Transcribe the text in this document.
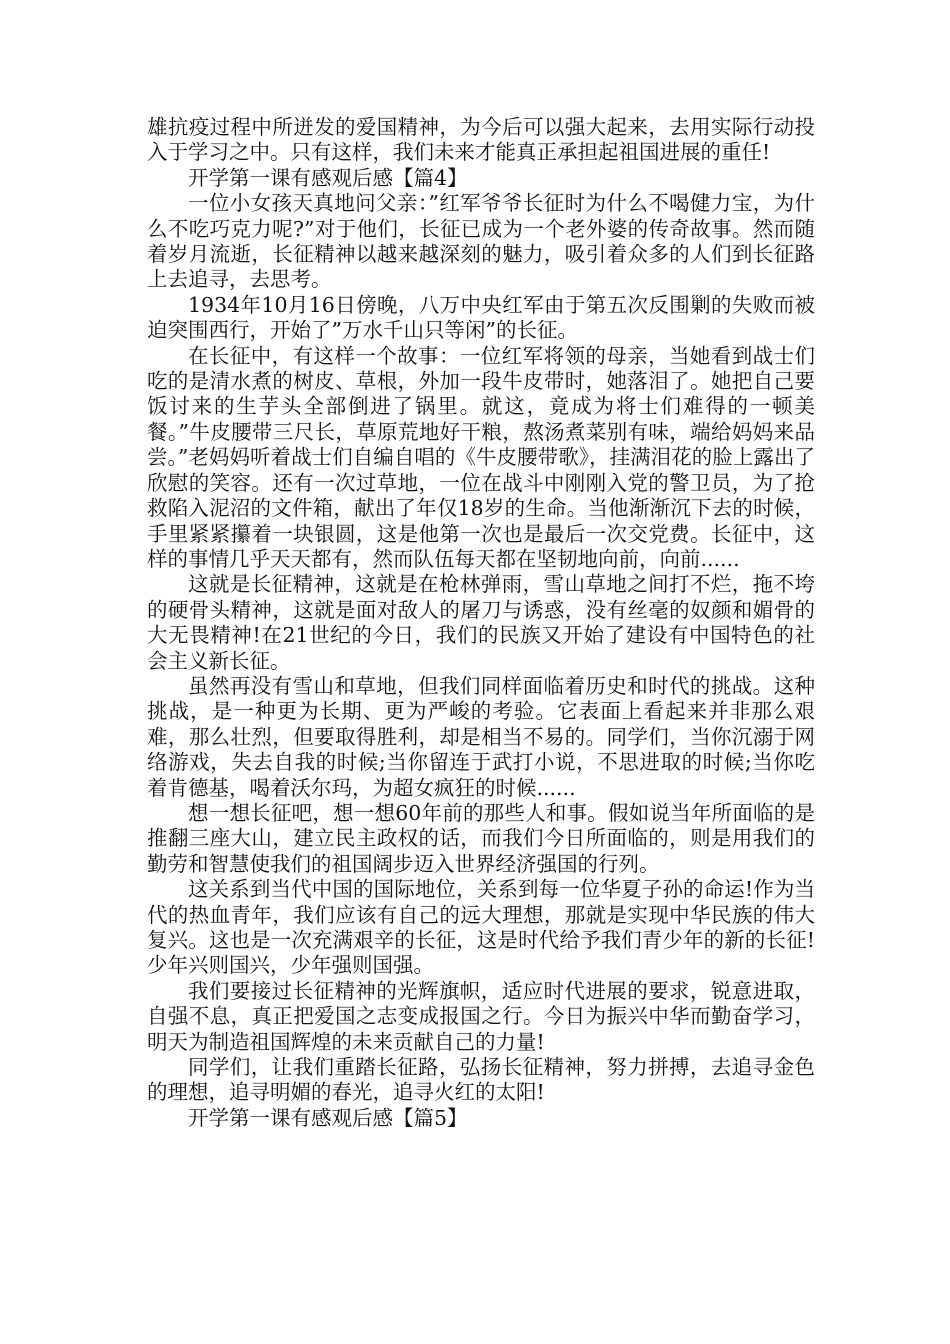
雄抗疫过程中所迸发的爱国精神，为今后可以强大起来，去用实际行动投入于学习之中。只有这样，我们未来才能真正承担起祖国进展的重任!

开学第一课有感观后感【篇4】

一位小女孩天真地问父亲：”红军爷爷长征时为什么不喝健力宝，为什么不吃巧克力呢?”对于他们，长征已成为一个老外婆的传奇故事。然而随着岁月流逝，长征精神以越来越深刻的魅力，吸引着众多的人们到长征路上去追寻，去思考。

1934年10月16日傍晚，八万中央红军由于第五次反围剿的失败而被迫突围西行，开始了”万水千山只等闲”的长征。

在长征中，有这样一个故事：一位红军将领的母亲，当她看到战士们吃的是清水煮的树皮、草根，外加一段牛皮带时，她落泪了。她把自己要饭讨来的生芋头全部倒进了锅里。就这，竟成为将士们难得的一顿美餐。”牛皮腰带三尺长，草原荒地好干粮，熬汤煮菜别有味，端给妈妈来品尝。”老妈妈听着战士们自编自唱的《牛皮腰带歌》，挂满泪花的脸上露出了欣慰的笑容。还有一次过草地，一位在战斗中刚刚入党的警卫员，为了抢救陷入泥沼的文件箱，献出了年仅18岁的生命。当他渐渐沉下去的时候，手里紧紧攥着一块银圆，这是他第一次也是最后一次交党费。长征中，这样的事情几乎天天都有，然而队伍每天都在坚韧地向前，向前......

这就是长征精神，这就是在枪林弹雨，雪山草地之间打不烂，拖不垮的硬骨头精神，这就是面对敌人的屠刀与诱惑，没有丝毫的奴颜和媚骨的大无畏精神!在21世纪的今日，我们的民族又开始了建设有中国特色的社会主义新长征。

虽然再没有雪山和草地，但我们同样面临着历史和时代的挑战。这种挑战，是一种更为长期、更为严峻的考验。它表面上看起来并非那么艰难，那么壮烈，但要取得胜利，却是相当不易的。同学们，当你沉溺于网络游戏，失去自我的时候;当你留连于武打小说，不思进取的时候;当你吃着肯德基，喝着沃尔玛，为超女疯狂的时候......

想一想长征吧，想一想60年前的那些人和事。假如说当年所面临的是推翻三座大山，建立民主政权的话，而我们今日所面临的，则是用我们的勤劳和智慧使我们的祖国阔步迈入世界经济强国的行列。

这关系到当代中国的国际地位，关系到每一位华夏子孙的命运!作为当代的热血青年，我们应该有自己的远大理想，那就是实现中华民族的伟大复兴。这也是一次充满艰辛的长征，这是时代给予我们青少年的新的长征!少年兴则国兴，少年强则国强。

我们要接过长征精神的光辉旗帜，适应时代进展的要求，锐意进取，自强不息，真正把爱国之志变成报国之行。今日为振兴中华而勤奋学习，明天为制造祖国辉煌的未来贡献自己的力量!

同学们，让我们重踏长征路，弘扬长征精神，努力拼搏，去追寻金色的理想，追寻明媚的春光，追寻火红的太阳!

开学第一课有感观后感【篇5】
